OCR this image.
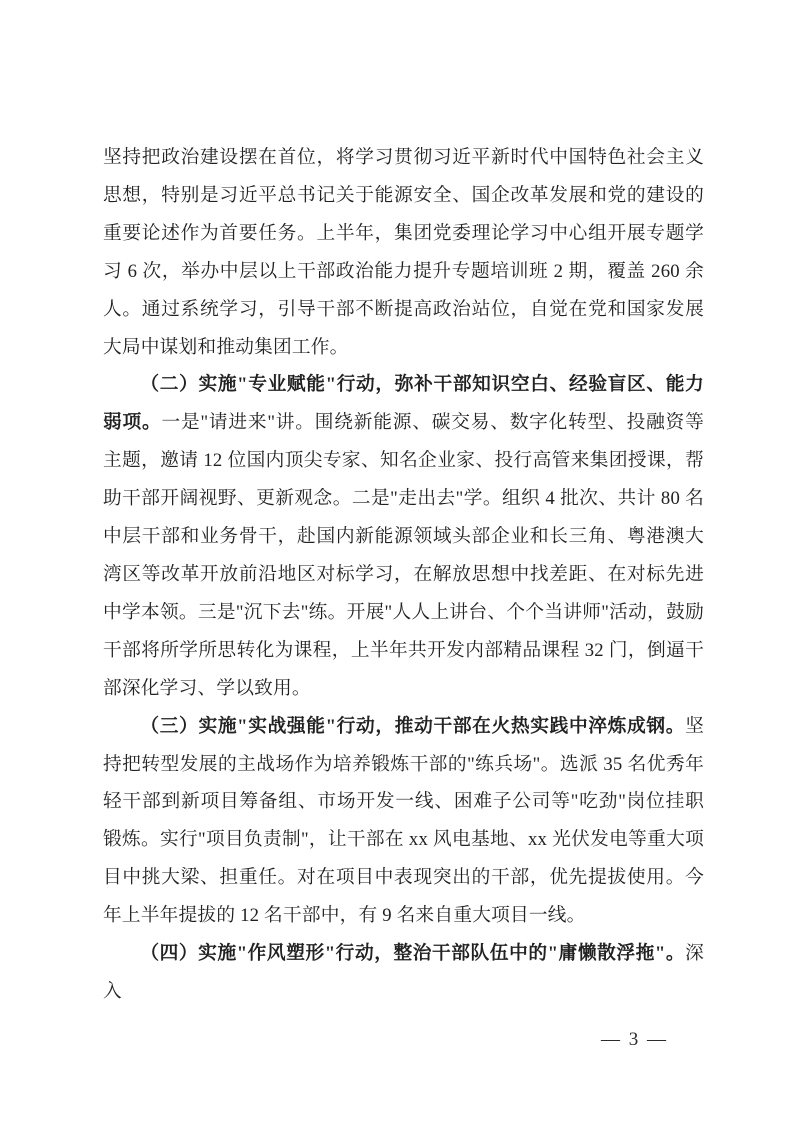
坚持把政治建设摆在首位，将学习贯彻习近平新时代中国特色社会主义思想，特别是习近平总书记关于能源安全、国企改革发展和党的建设的重要论述作为首要任务。上半年，集团党委理论学习中心组开展专题学习 6 次，举办中层以上干部政治能力提升专题培训班 2 期，覆盖 260 余人。通过系统学习，引导干部不断提高政治站位，自觉在党和国家发展大局中谋划和推动集团工作。

（二）实施"专业赋能"行动，弥补干部知识空白、经验盲区、能力弱项。一是"请进来"讲。围绕新能源、碳交易、数字化转型、投融资等主题，邀请 12 位国内顶尖专家、知名企业家、投行高管来集团授课，帮助干部开阔视野、更新观念。二是"走出去"学。组织 4 批次、共计 80 名中层干部和业务骨干，赴国内新能源领域头部企业和长三角、粤港澳大湾区等改革开放前沿地区对标学习，在解放思想中找差距、在对标先进中学本领。三是"沉下去"练。开展"人人上讲台、个个当讲师"活动，鼓励干部将所学所思转化为课程，上半年共开发内部精品课程 32 门，倒逼干部深化学习、学以致用。

（三）实施"实战强能"行动，推动干部在火热实践中淬炼成钢。坚持把转型发展的主战场作为培养锻炼干部的"练兵场"。选派 35 名优秀年轻干部到新项目筹备组、市场开发一线、困难子公司等"吃劲"岗位挂职锻炼。实行"项目负责制"，让干部在 xx 风电基地、xx 光伏发电等重大项目中挑大梁、担重任。对在项目中表现突出的干部，优先提拔使用。今年上半年提拔的 12 名干部中，有 9 名来自重大项目一线。

（四）实施"作风塑形"行动，整治干部队伍中的"庸懒散浮拖"。深入

— 3 —
